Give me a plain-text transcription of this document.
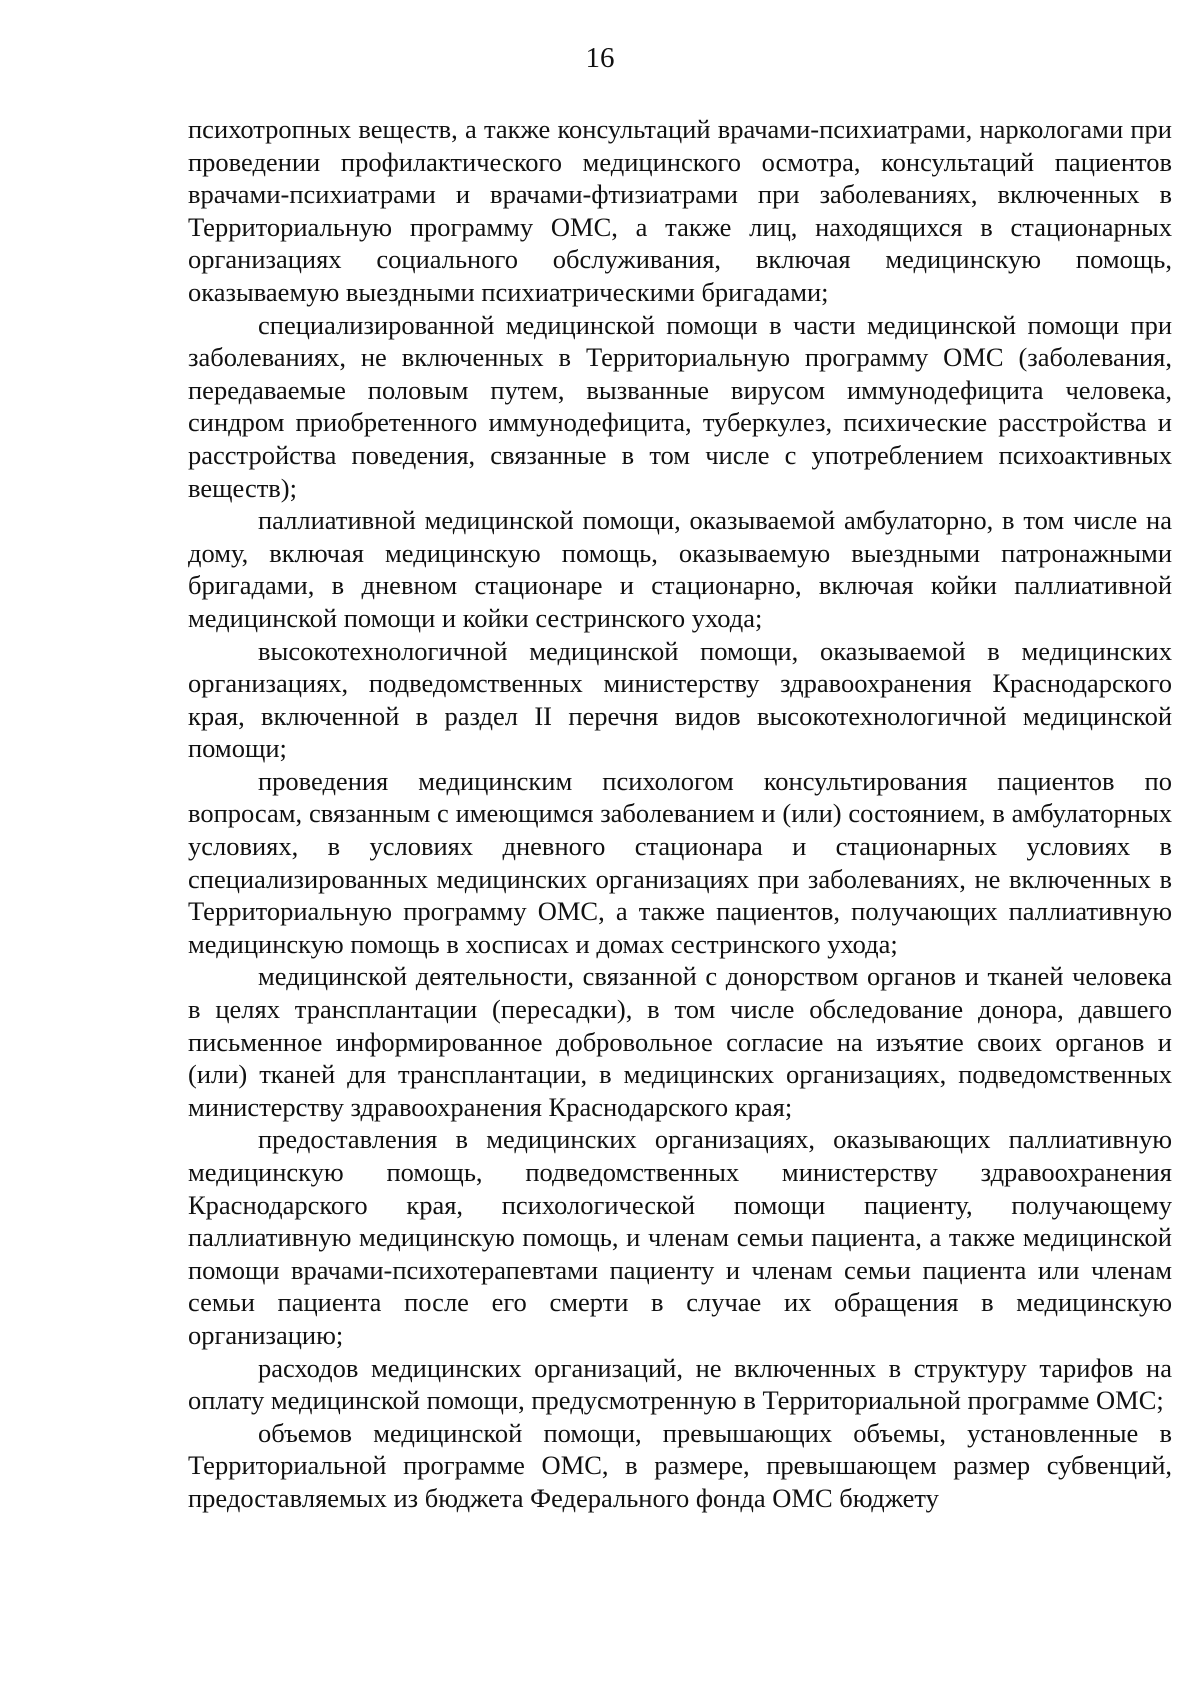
16

психотропных веществ, а также консультаций врачами-психиатрами, наркологами при проведении профилактического медицинского осмотра, консультаций пациентов врачами-психиатрами и врачами-фтизиатрами при заболеваниях, включенных в Территориальную программу ОМС, а также лиц, находящихся в стационарных организациях социального обслуживания, включая медицинскую помощь, оказываемую выездными психиатрическими бригадами;

специализированной медицинской помощи в части медицинской помощи при заболеваниях, не включенных в Территориальную программу ОМС (заболевания, передаваемые половым путем, вызванные вирусом иммунодефицита человека, синдром приобретенного иммунодефицита, туберкулез, психические расстройства и расстройства поведения, связанные в том числе с употреблением психоактивных веществ);

паллиативной медицинской помощи, оказываемой амбулаторно, в том числе на дому, включая медицинскую помощь, оказываемую выездными патронажными бригадами, в дневном стационаре и стационарно, включая койки паллиативной медицинской помощи и койки сестринского ухода;

высокотехнологичной медицинской помощи, оказываемой в медицинских организациях, подведомственных министерству здравоохранения Краснодарского края, включенной в раздел II перечня видов высокотехнологичной медицинской помощи;

проведения медицинским психологом консультирования пациентов по вопросам, связанным с имеющимся заболеванием и (или) состоянием, в амбулаторных условиях, в условиях дневного стационара и стационарных условиях в специализированных медицинских организациях при заболеваниях, не включенных в Территориальную программу ОМС, а также пациентов, получающих паллиативную медицинскую помощь в хосписах и домах сестринского ухода;

медицинской деятельности, связанной с донорством органов и тканей человека в целях трансплантации (пересадки), в том числе обследование донора, давшего письменное информированное добровольное согласие на изъятие своих органов и (или) тканей для трансплантации, в медицинских организациях, подведомственных министерству здравоохранения Краснодарского края;

предоставления в медицинских организациях, оказывающих паллиативную медицинскую помощь, подведомственных министерству здравоохранения Краснодарского края, психологической помощи пациенту, получающему паллиативную медицинскую помощь, и членам семьи пациента, а также медицинской помощи врачами-психотерапевтами пациенту и членам семьи пациента или членам семьи пациента после его смерти в случае их обращения в медицинскую организацию;

расходов медицинских организаций, не включенных в структуру тарифов на оплату медицинской помощи, предусмотренную в Территориальной программе ОМС;

объемов медицинской помощи, превышающих объемы, установленные в Территориальной программе ОМС, в размере, превышающем размер субвенций, предоставляемых из бюджета Федерального фонда ОМС бюджету
